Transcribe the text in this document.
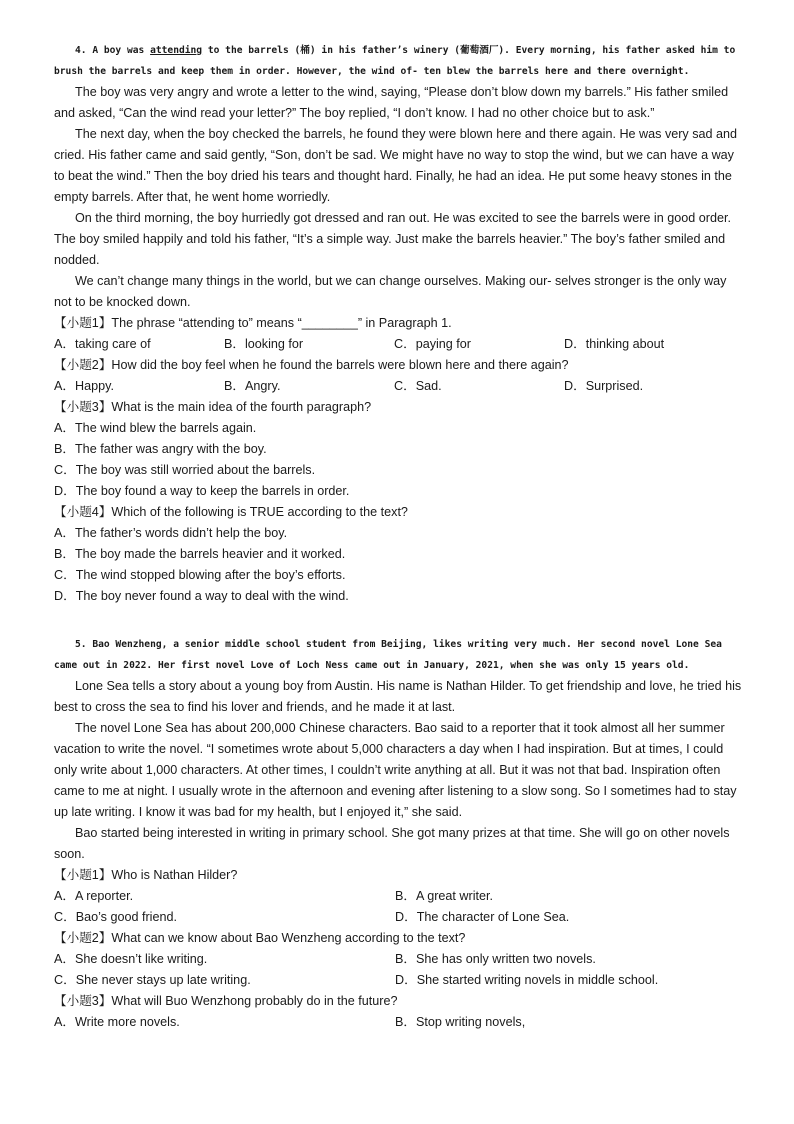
4. A boy was attending to the barrels (桶) in his father’s winery (葡萄酒厂). Every morning, his father asked him to brush the barrels and keep them in order. However, the wind of- ten blew the barrels here and there overnight.

The boy was very angry and wrote a letter to the wind, saying, “Please don’t blow down my barrels.” His father smiled and asked, “Can the wind read your letter?” The boy replied, “I don’t know. I had no other choice but to ask.”

The next day, when the boy checked the barrels, he found they were blown here and there again. He was very sad and cried. His father came and said gently, “Son, don’t be sad. We might have no way to stop the wind, but we can have a way to beat the wind.” Then the boy dried his tears and thought hard. Finally, he had an idea. He put some heavy stones in the empty barrels. After that, he went home worriedly.

On the third morning, the boy hurriedly got dressed and ran out. He was excited to see the barrels were in good order. The boy smiled happily and told his father, “It’s a simple way. Just make the barrels heavier.” The boy’s father smiled and nodded.

We can’t change many things in the world, but we can change ourselves. Making our- selves stronger is the only way not to be knocked down.

【小题1】The phrase “attending to” means “________” in Paragraph 1.

A．taking care of	B．looking for	C．paying for	D．thinking about

【小题2】How did the boy feel when he found the barrels were blown here and there again?

A．Happy.	B．Angry.	C．Sad.	D．Surprised.

【小题3】What is the main idea of the fourth paragraph?

A．The wind blew the barrels again.

B．The father was angry with the boy.

C．The boy was still worried about the barrels.

D．The boy found a way to keep the barrels in order.

【小题4】Which of the following is TRUE according to the text?

A．The father’s words didn’t help the boy.

B．The boy made the barrels heavier and it worked.

C．The wind stopped blowing after the boy’s efforts.

D．The boy never found a way to deal with the wind.

5. Bao Wenzheng, a senior middle school student from Beijing, likes writing very much. Her second novel Lone Sea came out in 2022. Her first novel Love of Loch Ness came out in January, 2021, when she was only 15 years old.

Lone Sea tells a story about a young boy from Austin. His name is Nathan Hilder. To get friendship and love, he tried his best to cross the sea to find his lover and friends, and he made it at last.

The novel Lone Sea has about 200,000 Chinese characters. Bao said to a reporter that it took almost all her summer vacation to write the novel. “I sometimes wrote about 5,000 characters a day when I had inspiration. But at times, I could only write about 1,000 characters. At other times, I couldn’t write anything at all. But it was not that bad. Inspiration often came to me at night. I usually wrote in the afternoon and evening after listening to a slow song. So I sometimes had to stay up late writing. I know it was bad for my health, but I enjoyed it,” she said.

Bao started being interested in writing in primary school. She got many prizes at that time. She will go on other novels soon.

【小题1】Who is Nathan Hilder?

A．A reporter.	B．A great writer.
C．Bao’s good friend.	D．The character of Lone Sea.

【小题2】What can we know about Bao Wenzheng according to the text?

A．She doesn’t like writing.	B．She has only written two novels.
C．She never stays up late writing.	D．She started writing novels in middle school.

【小题3】What will Buo Wenzhong probably do in the future?

A．Write more novels.	B．Stop writing novels,
